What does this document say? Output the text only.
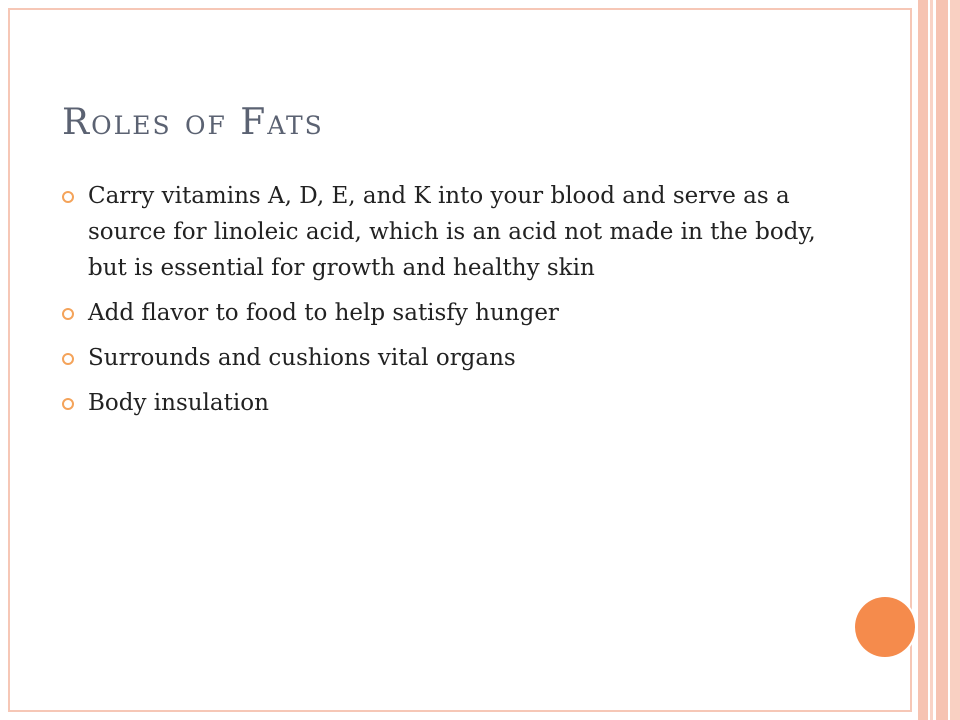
Roles of Fats
Carry vitamins A, D, E, and K into your blood and serve as a source for linoleic acid, which is an acid not made in the body, but is essential for growth and healthy skin
Add flavor to food to help satisfy hunger
Surrounds and cushions vital organs
Body insulation
